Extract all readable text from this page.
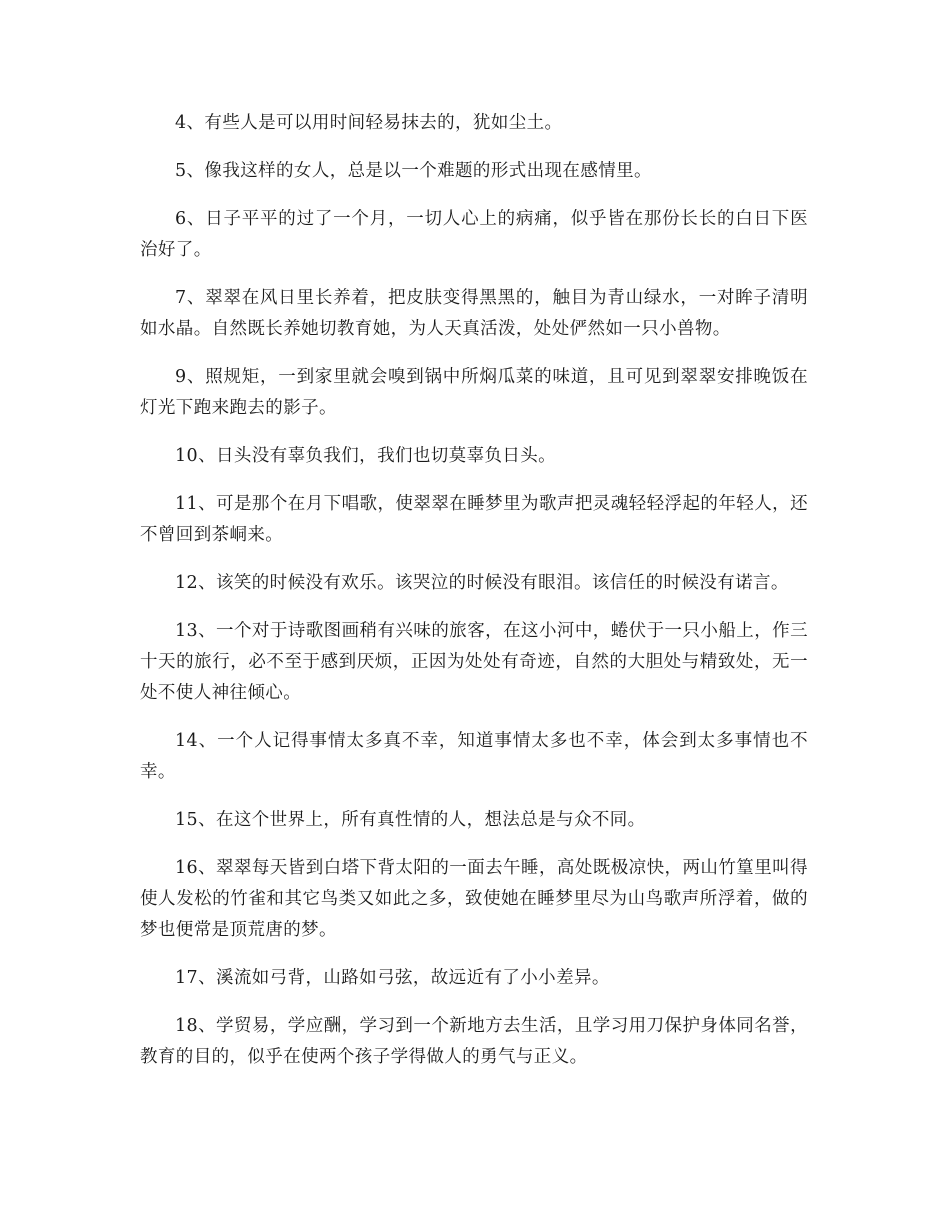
4、有些人是可以用时间轻易抹去的，犹如尘土。

5、像我这样的女人，总是以一个难题的形式出现在感情里。

6、日子平平的过了一个月，一切人心上的病痛，似乎皆在那份长长的白日下医治好了。

7、翠翠在风日里长养着，把皮肤变得黑黑的，触目为青山绿水，一对眸子清明如水晶。自然既长养她切教育她，为人天真活泼，处处俨然如一只小兽物。

9、照规矩，一到家里就会嗅到锅中所焖瓜菜的味道，且可见到翠翠安排晚饭在灯光下跑来跑去的影子。

10、日头没有辜负我们，我们也切莫辜负日头。

11、可是那个在月下唱歌，使翠翠在睡梦里为歌声把灵魂轻轻浮起的年轻人，还不曾回到茶峒来。

12、该笑的时候没有欢乐。该哭泣的时候没有眼泪。该信任的时候没有诺言。

13、一个对于诗歌图画稍有兴味的旅客，在这小河中，蜷伏于一只小船上，作三十天的旅行，必不至于感到厌烦，正因为处处有奇迹，自然的大胆处与精致处，无一处不使人神往倾心。

14、一个人记得事情太多真不幸，知道事情太多也不幸，体会到太多事情也不幸。

15、在这个世界上，所有真性情的人，想法总是与众不同。

16、翠翠每天皆到白塔下背太阳的一面去午睡，高处既极凉快，两山竹篁里叫得使人发松的竹雀和其它鸟类又如此之多，致使她在睡梦里尽为山鸟歌声所浮着，做的梦也便常是顶荒唐的梦。

17、溪流如弓背，山路如弓弦，故远近有了小小差异。

18、学贸易，学应酬，学习到一个新地方去生活，且学习用刀保护身体同名誉，教育的目的，似乎在使两个孩子学得做人的勇气与正义。
